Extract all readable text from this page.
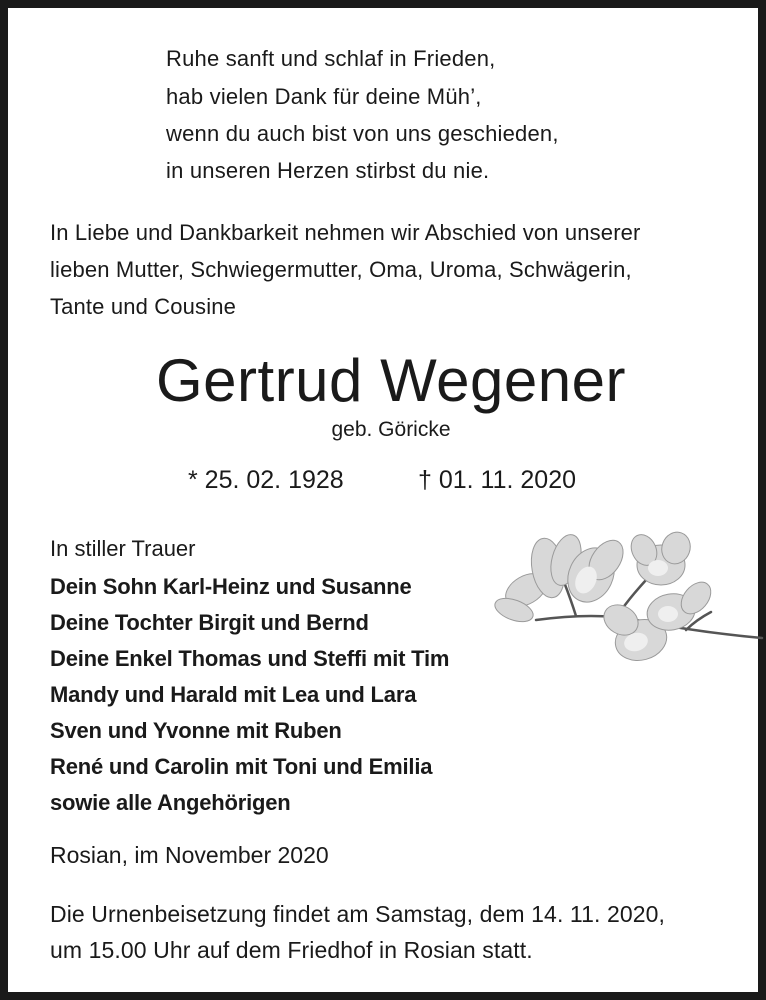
Ruhe sanft und schlaf in Frieden,
hab vielen Dank für deine Müh’,
wenn du auch bist von uns geschieden,
in unseren Herzen stirbst du nie.
In Liebe und Dankbarkeit nehmen wir Abschied von unserer
lieben Mutter, Schwiegermutter, Oma, Uroma, Schwägerin,
Tante und Cousine
Gertrud Wegener
geb. Göricke
* 25. 02. 1928	† 01. 11. 2020
In stiller Trauer
Dein Sohn Karl-Heinz und Susanne
Deine Tochter Birgit und Bernd
Deine Enkel Thomas und Steffi mit Tim
Mandy und Harald mit Lea und Lara
Sven und Yvonne mit Ruben
René und Carolin mit Toni und Emilia
sowie alle Angehörigen
Rosian, im November 2020
Die Urnenbeisetzung findet am Samstag, dem 14. 11. 2020,
um 15.00 Uhr auf dem Friedhof in Rosian statt.
